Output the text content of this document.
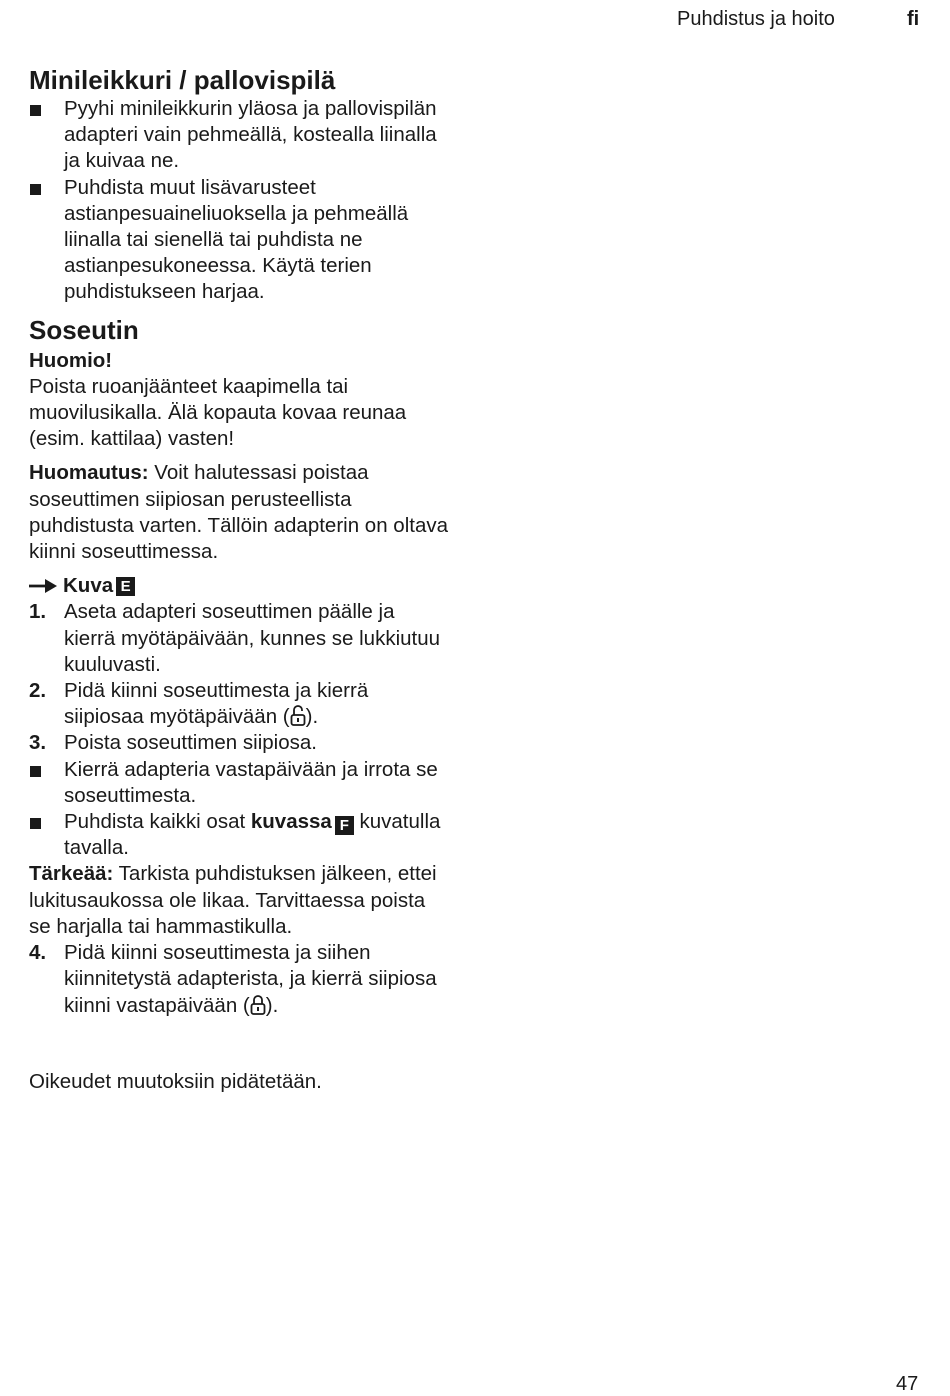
Puhdistus ja hoito	fi
Minileikkuri / pallovispilä
Pyyhi minileikkurin yläosa ja pallovispilän adapteri vain pehmeällä, kostealla liinalla ja kuivaa ne.
Puhdista muut lisävarusteet astianpesuaineliuoksella ja pehmeällä liinalla tai sienellä tai puhdista ne astianpesukoneessa. Käytä terien puhdistukseen harjaa.
Soseutin

Huomio!

Poista ruoanjäänteet kaapimella tai muovilusikalla. Älä kopauta kovaa reunaa (esim. kattilaa) vasten!

Huomautus: Voit halutessasi poistaa soseuttimen siipiosan perusteellista puhdistusta varten. Tällöin adapterin on oltava kiinni soseuttimessa.

Kuva E
1. Aseta adapteri soseuttimen päälle ja kierrä myötäpäivään, kunnes se lukkiutuu kuuluvasti.
2. Pidä kiinni soseuttimesta ja kierrä siipiosaa myötäpäivään ( ).
3. Poista soseuttimen siipiosa.
Kierrä adapteria vastapäivään ja irrota se soseuttimesta.
Puhdista kaikki osat kuvassa F kuvatulla tavalla.

Tärkeää: Tarkista puhdistuksen jälkeen, ettei lukitusaukossa ole likaa. Tarvittaessa poista se harjalla tai hammastikulla.

4. Pidä kiinni soseuttimesta ja siihen kiinnitetystä adapterista, ja kierrä siipiosa kiinni vastapäivään ( ).
Oikeudet muutoksiin pidätetään.
47
